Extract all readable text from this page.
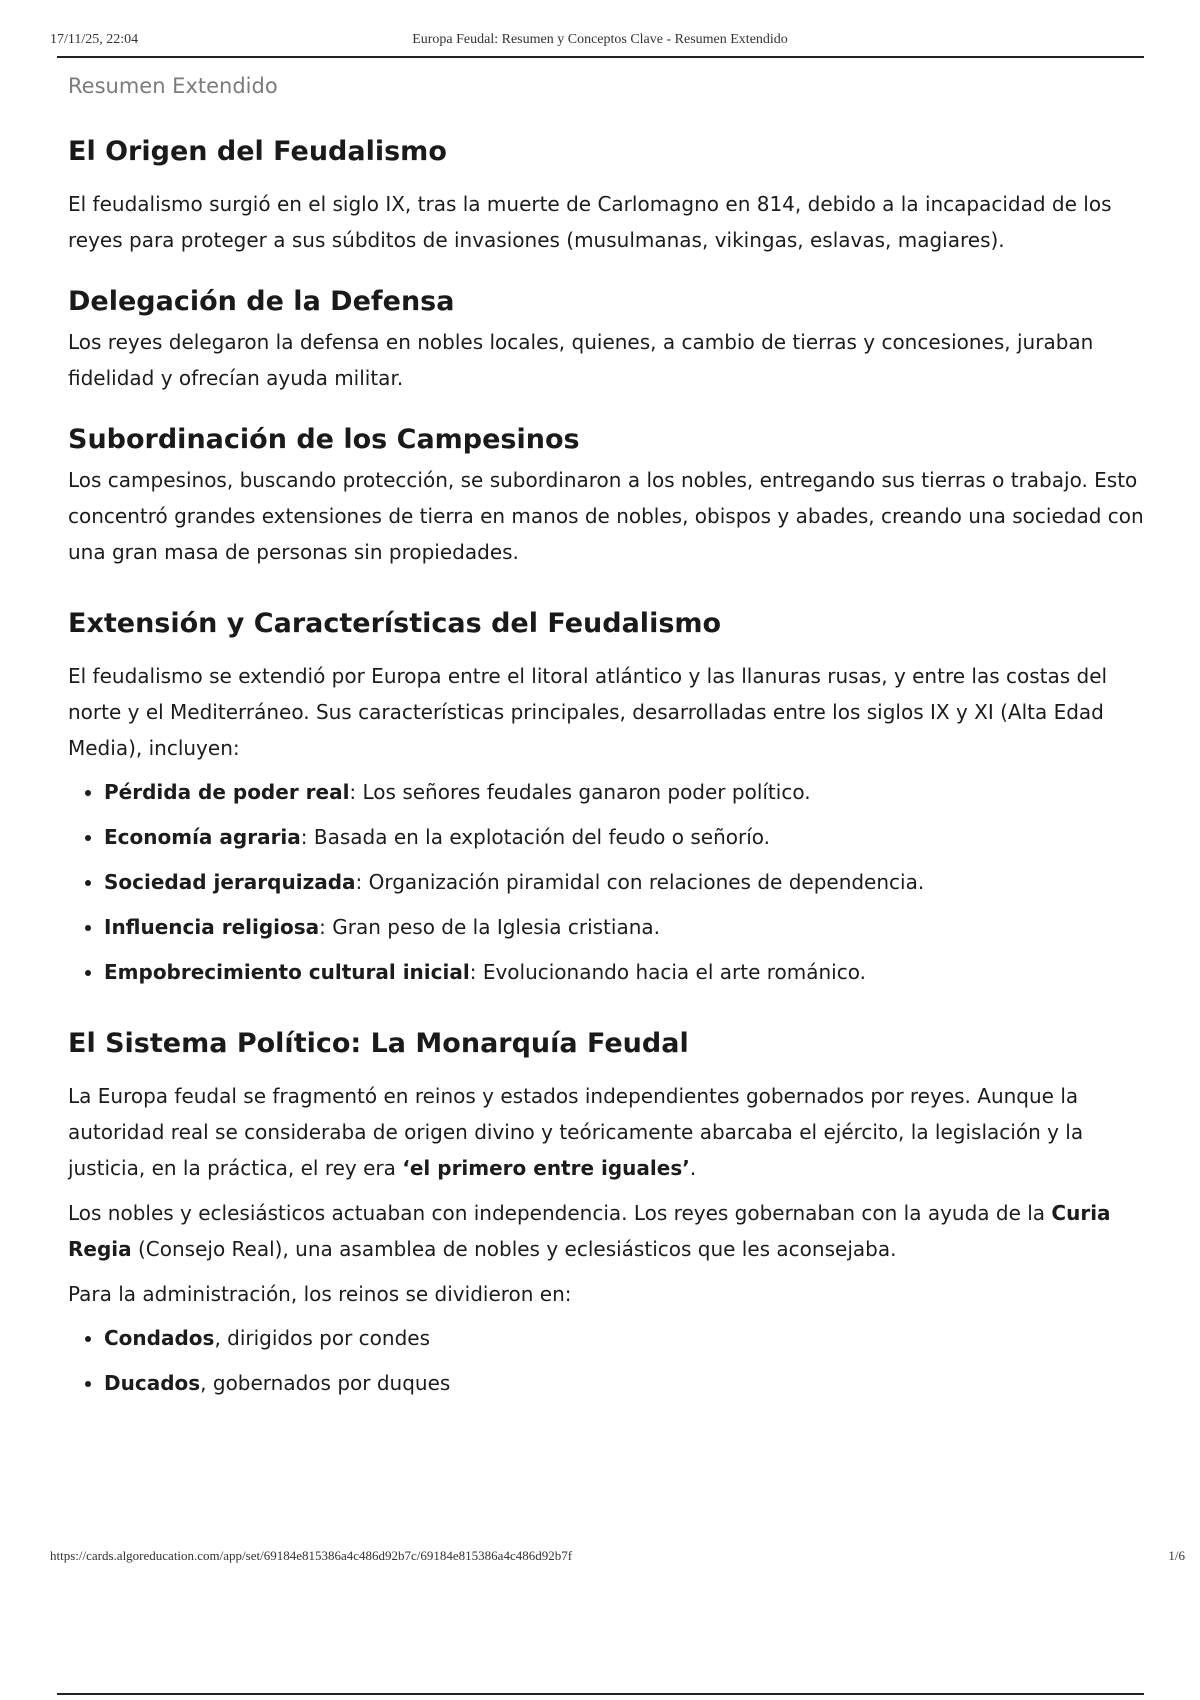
17/11/25, 22:04	Europa Feudal: Resumen y Conceptos Clave - Resumen Extendido
Resumen Extendido
El Origen del Feudalismo

El feudalismo surgió en el siglo IX, tras la muerte de Carlomagno en 814, debido a la incapacidad de los reyes para proteger a sus súbditos de invasiones (musulmanas, vikingas, eslavas, magiares).

Delegación de la Defensa

Los reyes delegaron la defensa en nobles locales, quienes, a cambio de tierras y concesiones, juraban fidelidad y ofrecían ayuda militar.

Subordinación de los Campesinos

Los campesinos, buscando protección, se subordinaron a los nobles, entregando sus tierras o trabajo. Esto concentró grandes extensiones de tierra en manos de nobles, obispos y abades, creando una sociedad con una gran masa de personas sin propiedades.

Extensión y Características del Feudalismo

El feudalismo se extendió por Europa entre el litoral atlántico y las llanuras rusas, y entre las costas del norte y el Mediterráneo. Sus características principales, desarrolladas entre los siglos IX y XI (Alta Edad Media), incluyen:

• Pérdida de poder real: Los señores feudales ganaron poder político.
• Economía agraria: Basada en la explotación del feudo o señorío.
• Sociedad jerarquizada: Organización piramidal con relaciones de dependencia.
• Influencia religiosa: Gran peso de la Iglesia cristiana.
• Empobrecimiento cultural inicial: Evolucionando hacia el arte románico.
El Sistema Político: La Monarquía Feudal

La Europa feudal se fragmentó en reinos y estados independientes gobernados por reyes. Aunque la autoridad real se consideraba de origen divino y teóricamente abarcaba el ejército, la legislación y la justicia, en la práctica, el rey era ‘el primero entre iguales’.

Los nobles y eclesiásticos actuaban con independencia. Los reyes gobernaban con la ayuda de la Curia Regia (Consejo Real), una asamblea de nobles y eclesiásticos que les aconsejaba.

Para la administración, los reinos se dividieron en:

• Condados, dirigidos por condes
• Ducados, gobernados por duques
https://cards.algoreducation.com/app/set/69184e815386a4c486d92b7c/69184e815386a4c486d92b7f	1/6
